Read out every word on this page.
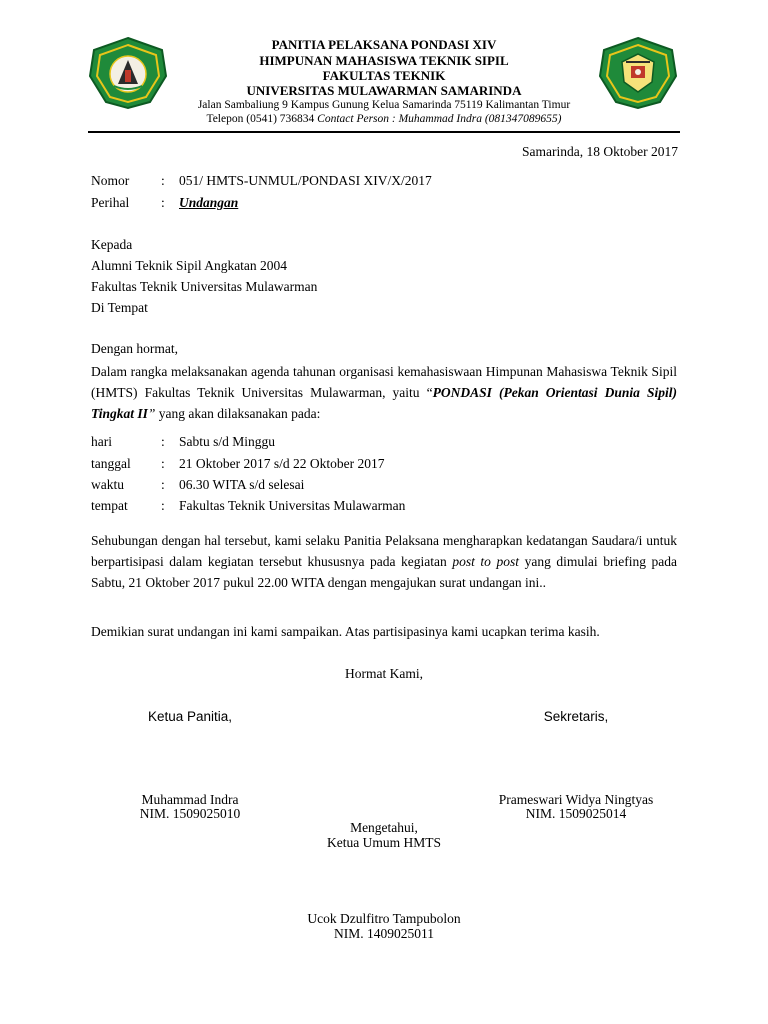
PANITIA PELAKSANA PONDASI XIV
HIMPUNAN MAHASISWA TEKNIK SIPIL
FAKULTAS TEKNIK
UNIVERSITAS MULAWARMAN SAMARINDA
Jalan Sambaliung 9 Kampus Gunung Kelua Samarinda 75119 Kalimantan Timur
Telepon (0541) 736834 Contact Person : Muhammad Indra (081347089655)
Samarinda, 18 Oktober 2017
Nomor : 051/ HMTS-UNMUL/PONDASI XIV/X/2017
Perihal : Undangan
Kepada
Alumni Teknik Sipil Angkatan 2004
Fakultas Teknik Universitas Mulawarman
Di Tempat
Dengan hormat,
Dalam rangka melaksanakan agenda tahunan organisasi kemahasiswaan Himpunan Mahasiswa Teknik Sipil (HMTS) Fakultas Teknik Universitas Mulawarman, yaitu “PONDASI (Pekan Orientasi Dunia Sipil) Tingkat II” yang akan dilaksanakan pada:
hari	: Sabtu s/d Minggu
tanggal : 21 Oktober 2017 s/d 22 Oktober 2017
waktu	: 06.30 WITA s/d selesai
tempat : Fakultas Teknik Universitas Mulawarman
Sehubungan dengan hal tersebut, kami selaku Panitia Pelaksana mengharapkan kedatangan Saudara/i untuk berpartisipasi dalam kegiatan tersebut khususnya pada kegiatan post to post yang dimulai briefing pada Sabtu, 21 Oktober 2017 pukul 22.00 WITA dengan mengajukan surat undangan ini..
Demikian surat undangan ini kami sampaikan. Atas partisipasinya kami ucapkan terima kasih.
Hormat Kami,
Ketua Panitia,	Sekretaris,
Muhammad Indra
NIM. 1509025010
Prameswari Widya Ningtyas
NIM. 1509025014
Mengetahui,
Ketua Umum HMTS
Ucok Dzulfitro Tampubolon
NIM. 1409025011
